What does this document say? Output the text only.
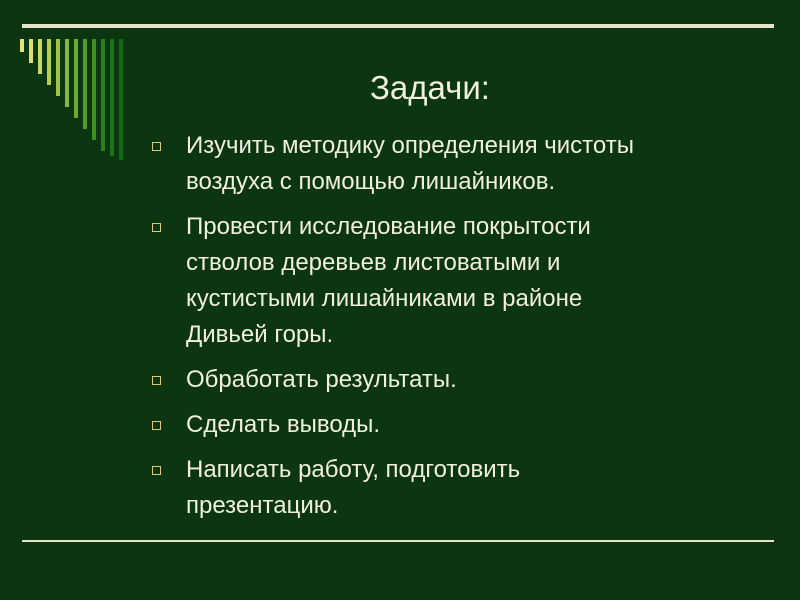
Задачи:
Изучить методику определения чистоты
воздуха с помощью лишайников.
Провести исследование покрытости
стволов деревьев листоватыми и
кустистыми лишайниками в районе
Дивьей горы.
Обработать результаты.
Сделать выводы.
Написать работу, подготовить
презентацию.
